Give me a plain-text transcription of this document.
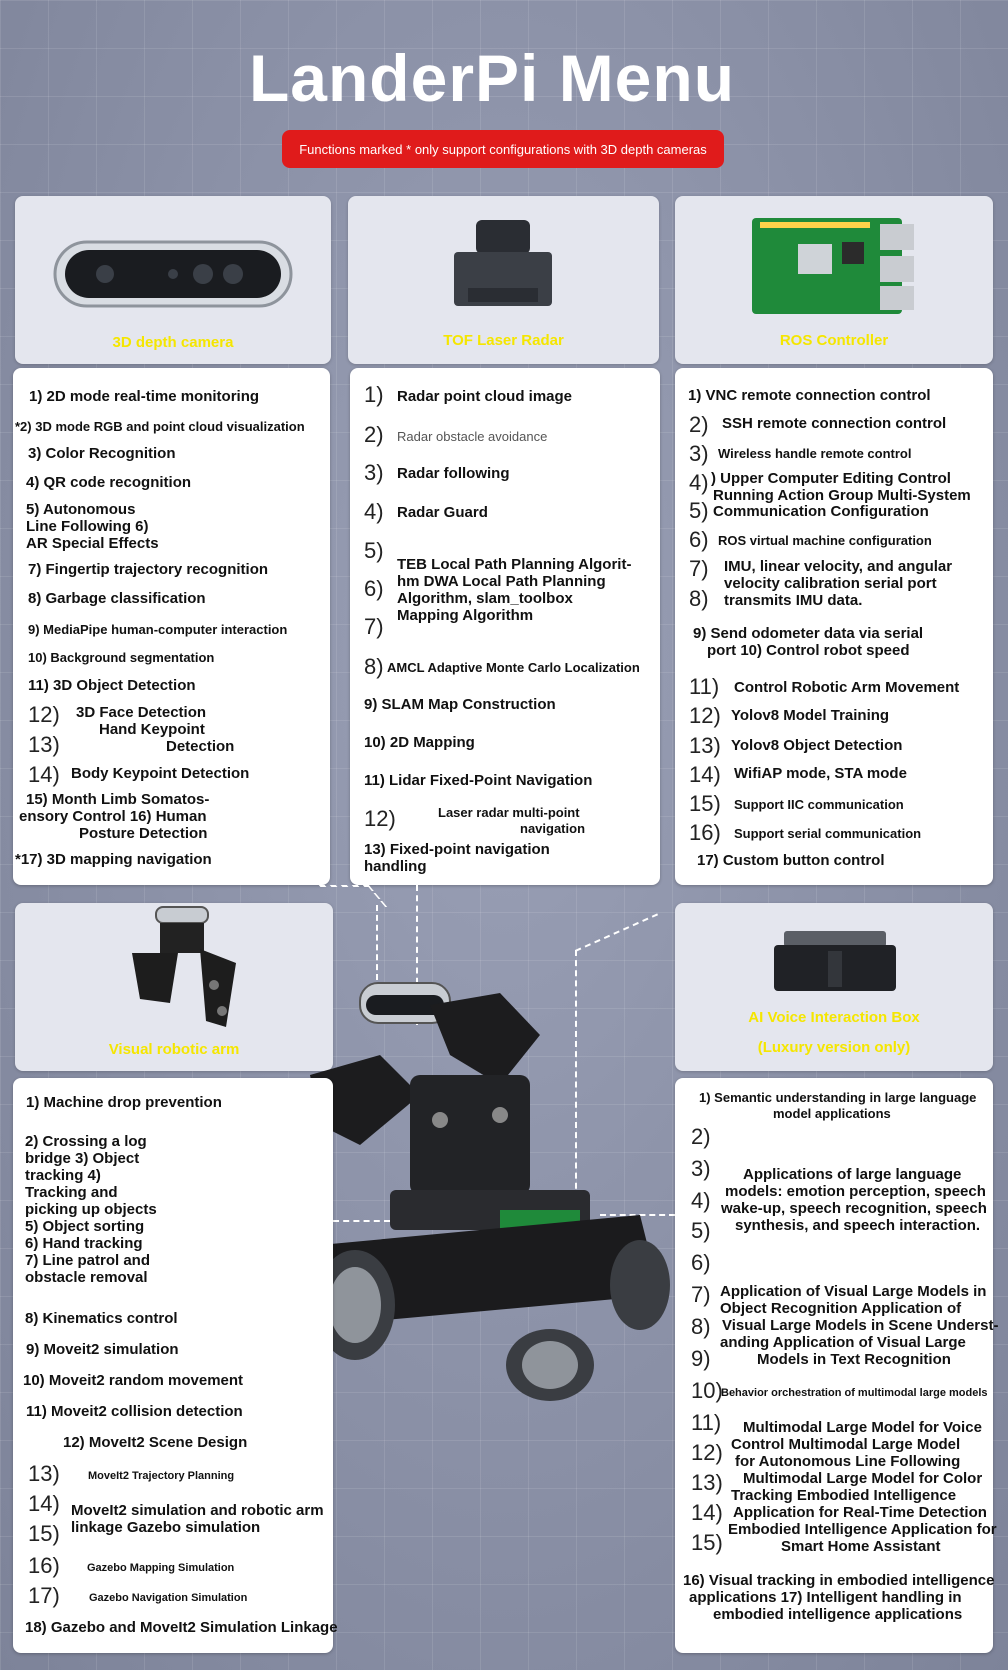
LanderPi Menu
Functions marked * only support configurations with 3D depth cameras
3D depth camera	TOF Laser Radar	ROS Controller
1) 2D mode real-time monitoring
*2) 3D mode RGB and point cloud visualization
3) Color Recognition
4) QR code recognition
5) Autonomous
Line Following 6)
AR Special Effects
7) Fingertip trajectory recognition
8) Garbage classification
9) MediaPipe human-computer interaction
10) Background segmentation
11) 3D Object Detection
12) 3D Face Detection
13)
Hand Keypoint
Detection
14) Body Keypoint Detection
15) Month Limb Somatos-
ensory Control 16) Human
Posture Detection
*17) 3D mapping navigation
1) Radar point cloud image
2) Radar obstacle avoidance
3) Radar following
4) Radar Guard
5)
6)
7)
TEB Local Path Planning Algorit-
hm DWA Local Path Planning
Algorithm, slam_toolbox
Mapping Algorithm
8) AMCL Adaptive Monte Carlo Localization
9) SLAM Map Construction
10) 2D Mapping
11) Lidar Fixed-Point Navigation
12)	Laser radar multi-point
navigation
13) Fixed-point navigation
handling
1) VNC remote connection control
2) SSH remote connection control
3) Wireless handle remote control
4) ) Upper Computer Editing Control
Running Action Group Multi-System
5) Communication Configuration
6) ROS virtual machine configuration
7) IMU, linear velocity, and angular
velocity calibration serial port
8) transmits IMU data.
9) Send odometer data via serial
port 10) Control robot speed
11) Control Robotic Arm Movement
12) Yolov8 Model Training
13) Yolov8 Object Detection
14) WifiAP mode, STA mode
15) Support IIC communication
16) Support serial communication
17) Custom button control
Visual robotic arm
AI Voice Interaction Box
(Luxury version only)
1) Machine drop prevention
2) Crossing a log
bridge 3) Object
tracking 4)
Tracking and
picking up objects
5) Object sorting
6) Hand tracking
7) Line patrol and
obstacle removal
8) Kinematics control
9) Moveit2 simulation
10) Moveit2 random movement
11) Moveit2 collision detection
12) MoveIt2 Scene Design
13)	MoveIt2 Trajectory Planning
14)
15)
MoveIt2 simulation and robotic arm
linkage Gazebo simulation
16) Gazebo Mapping Simulation
17)	Gazebo Navigation Simulation
18) Gazebo and MoveIt2 Simulation Linkage
1) Semantic understanding in large language
model applications
2)
3)
4)
5)
6)
Applications of large language
models: emotion perception, speech
wake-up, speech recognition, speech
synthesis, and speech interaction.
7)
8)
9)
Application of Visual Large Models in
Object Recognition Application of
Visual Large Models in Scene Underst-
anding Application of Visual Large
Models in Text Recognition
10)
Behavior orchestration of multimodal large models
11)
12)
13)
14)
15)
Multimodal Large Model for Voice
Control Multimodal Large Model
for Autonomous Line Following
Multimodal Large Model for Color
Tracking Embodied Intelligence
Application for Real-Time Detection
Embodied Intelligence Application for
Smart Home Assistant
16) Visual tracking in embodied intelligence
applications 17) Intelligent handling in
embodied intelligence applications
